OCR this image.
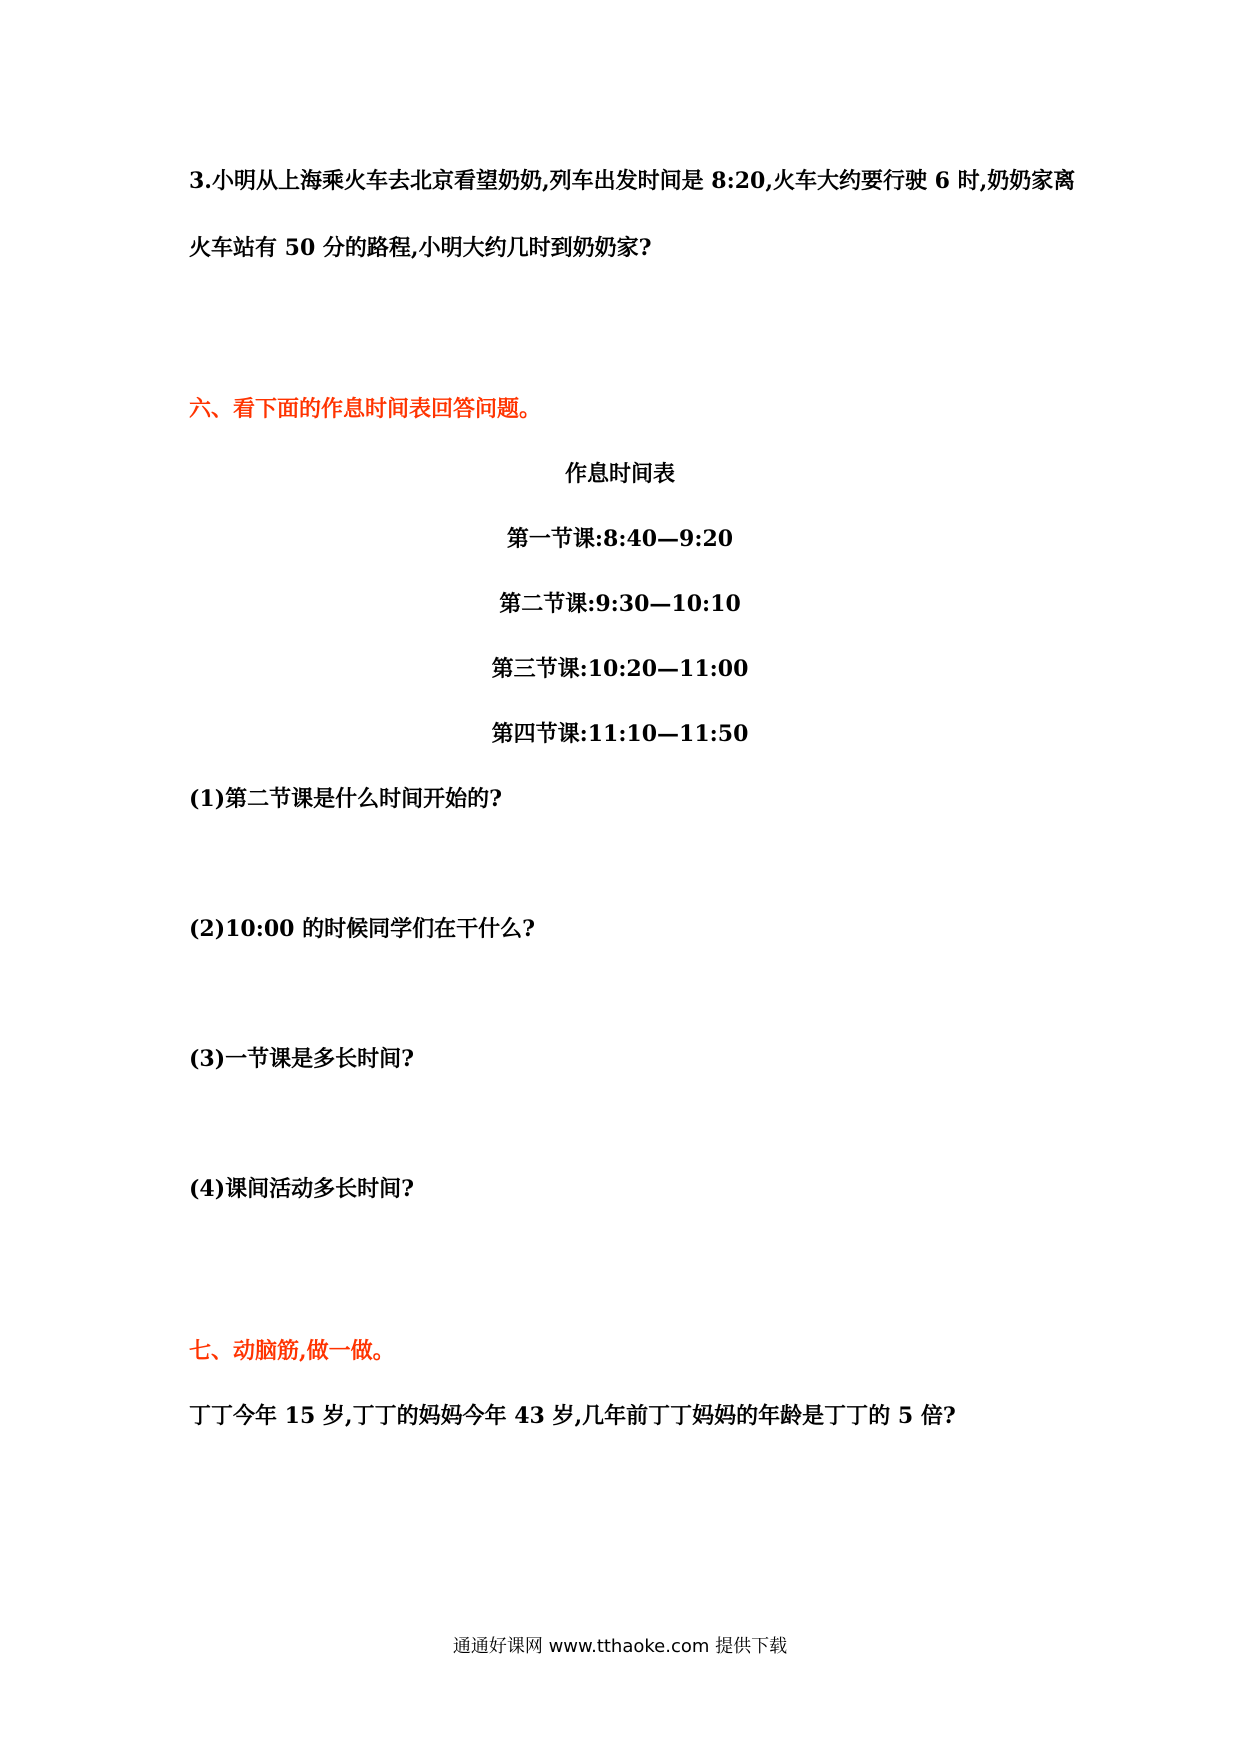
3.小明从上海乘火车去北京看望奶奶,列车出发时间是 8:20,火车大约要行驶 6 时,奶奶家离
火车站有 50 分的路程,小明大约几时到奶奶家?
六、看下面的作息时间表回答问题。
作息时间表
第一节课:8:40—9:20
第二节课:9:30—10:10
第三节课:10:20—11:00
第四节课:11:10—11:50
(1)第二节课是什么时间开始的?
(2)10:00 的时候同学们在干什么?
(3)一节课是多长时间?
(4)课间活动多长时间?
七、动脑筋,做一做。
丁丁今年 15 岁,丁丁的妈妈今年 43 岁,几年前丁丁妈妈的年龄是丁丁的 5 倍?
通通好课网 www.tthaoke.com 提供下载
